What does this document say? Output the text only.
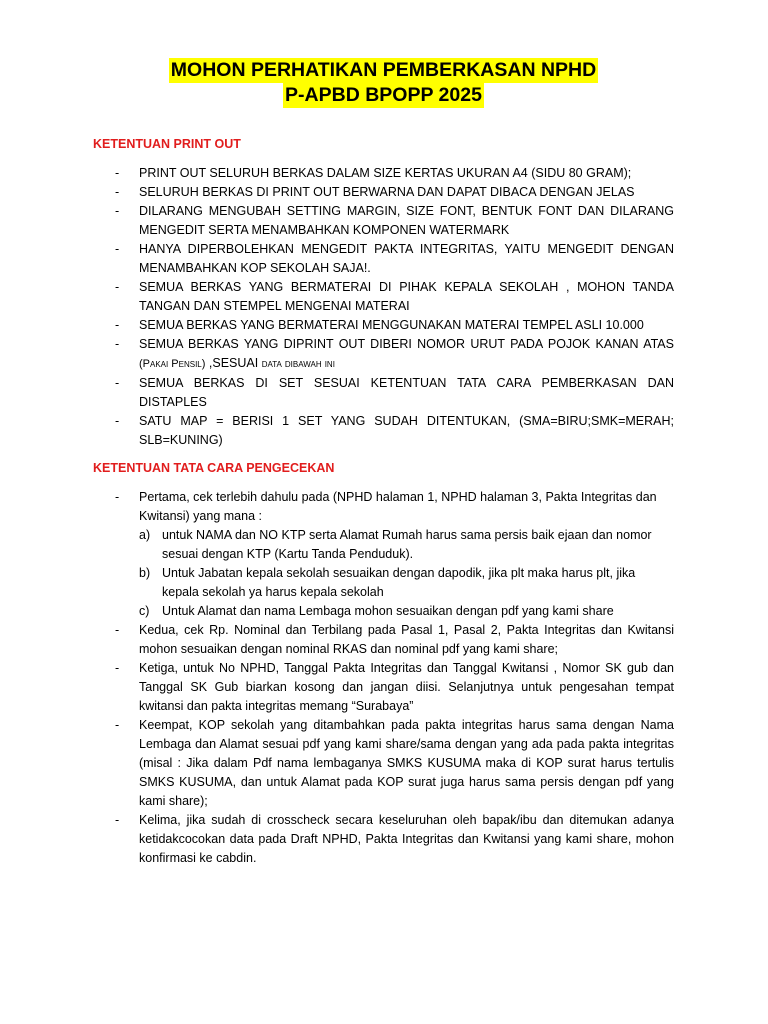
MOHON PERHATIKAN PEMBERKASAN NPHD
P-APBD BPOPP 2025
KETENTUAN PRINT OUT
- PRINT OUT SELURUH BERKAS DALAM SIZE KERTAS UKURAN A4 (SIDU 80 GRAM);
- SELURUH BERKAS DI PRINT OUT BERWARNA DAN DAPAT DIBACA DENGAN JELAS
- DILARANG MENGUBAH SETTING MARGIN, SIZE FONT, BENTUK FONT DAN DILARANG MENGEDIT SERTA MENAMBAHKAN KOMPONEN WATERMARK
- HANYA DIPERBOLEHKAN MENGEDIT PAKTA INTEGRITAS, YAITU MENGEDIT DENGAN MENAMBAHKAN KOP SEKOLAH SAJA!.
- SEMUA BERKAS YANG BERMATERAI DI PIHAK KEPALA SEKOLAH , MOHON TANDA TANGAN DAN STEMPEL MENGENAI MATERAI
- SEMUA BERKAS YANG BERMATERAI MENGGUNAKAN MATERAI TEMPEL ASLI 10.000
- SEMUA BERKAS YANG DIPRINT OUT DIBERI NOMOR URUT PADA POJOK KANAN ATAS (Pakai Pensil) ,SESUAI data dibawah ini
- SEMUA BERKAS DI SET SESUAI KETENTUAN TATA CARA PEMBERKASAN DAN DISTAPLES
- SATU MAP = BERISI 1 SET YANG SUDAH DITENTUKAN, (SMA=BIRU;SMK=MERAH; SLB=KUNING)
KETENTUAN TATA CARA PENGECEKAN
- Pertama, cek terlebih dahulu pada (NPHD halaman 1, NPHD halaman 3, Pakta Integritas dan Kwitansi) yang mana :
a) untuk NAMA dan NO KTP serta Alamat Rumah harus sama persis baik ejaan dan nomor sesuai dengan KTP (Kartu Tanda Penduduk).
b) Untuk Jabatan kepala sekolah sesuaikan dengan dapodik, jika plt maka harus plt, jika kepala sekolah ya harus kepala sekolah
c) Untuk Alamat dan nama Lembaga mohon sesuaikan dengan pdf yang kami share
- Kedua, cek Rp. Nominal dan Terbilang pada Pasal 1, Pasal 2, Pakta Integritas dan Kwitansi mohon sesuaikan dengan nominal RKAS dan nominal pdf yang kami share;
- Ketiga, untuk No NPHD, Tanggal Pakta Integritas dan Tanggal Kwitansi , Nomor SK gub dan Tanggal SK Gub biarkan kosong dan jangan diisi. Selanjutnya untuk pengesahan tempat kwitansi dan pakta integritas memang “Surabaya”
- Keempat, KOP sekolah yang ditambahkan pada pakta integritas harus sama dengan Nama Lembaga dan Alamat sesuai pdf yang kami share/sama dengan yang ada pada pakta integritas (misal : Jika dalam Pdf nama lembaganya SMKS KUSUMA maka di KOP surat harus tertulis SMKS KUSUMA, dan untuk Alamat pada KOP surat juga harus sama persis dengan pdf yang kami share);
- Kelima, jika sudah di crosscheck secara keseluruhan oleh bapak/ibu dan ditemukan adanya ketidakcocokan data pada Draft NPHD, Pakta Integritas dan Kwitansi yang kami share, mohon konfirmasi ke cabdin.
